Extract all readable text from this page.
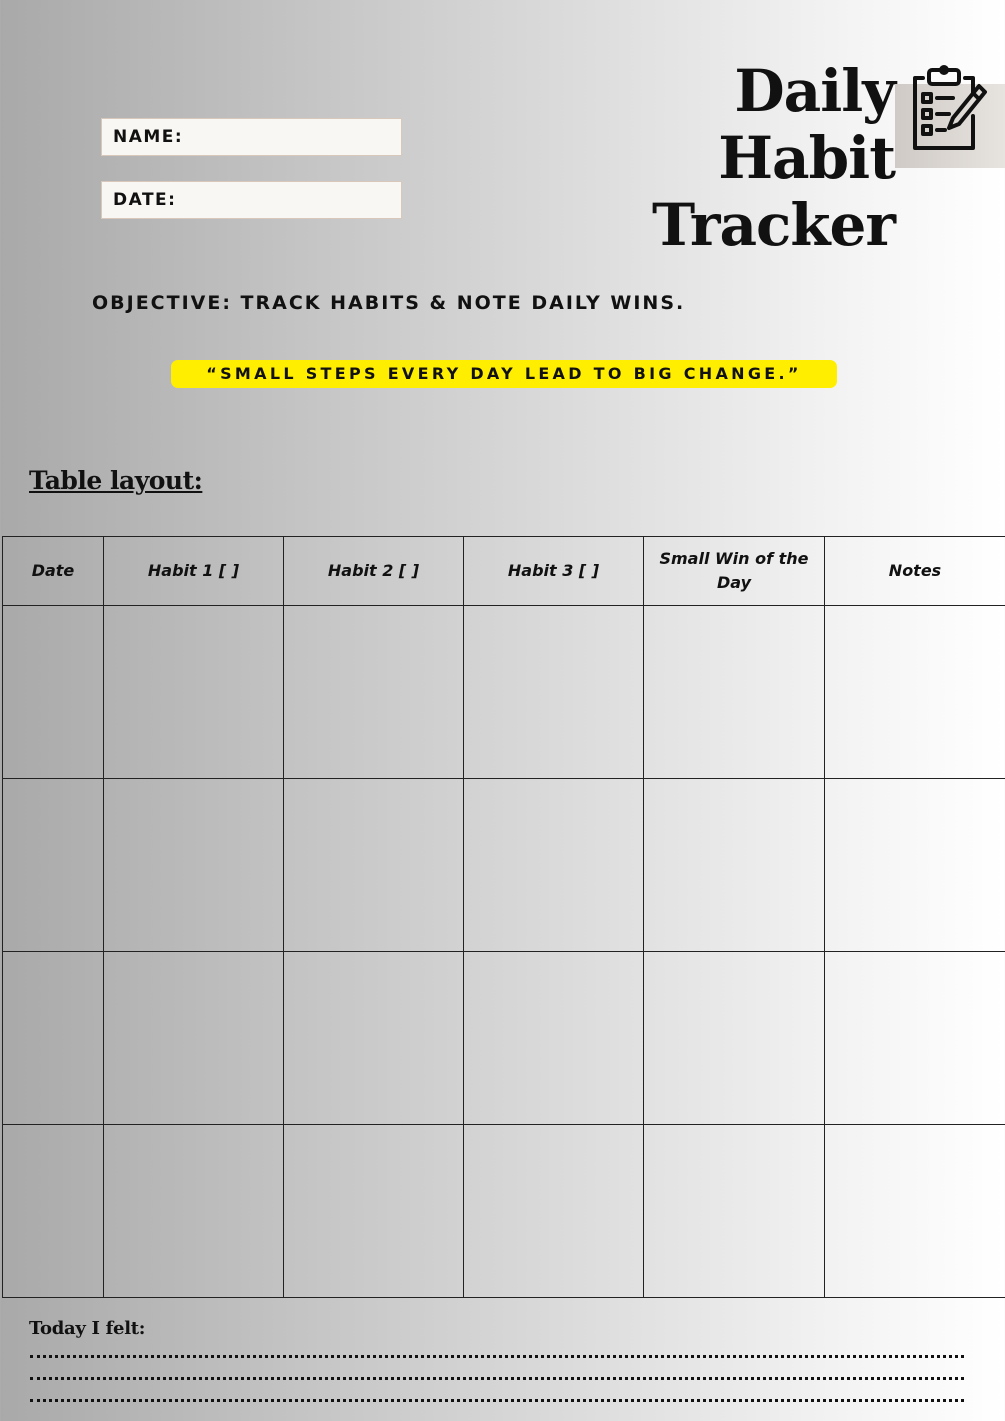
Daily Habit
Tracker
NAME:
DATE:
OBJECTIVE: TRACK HABITS & NOTE DAILY WINS.
“SMALL STEPS EVERY DAY LEAD TO BIG CHANGE.”
Table layout:
Date	Habit 1 [ ]	Habit 2 [ ]	Habit 3 [ ]	Small Win of the Day	Notes

Today I felt:
